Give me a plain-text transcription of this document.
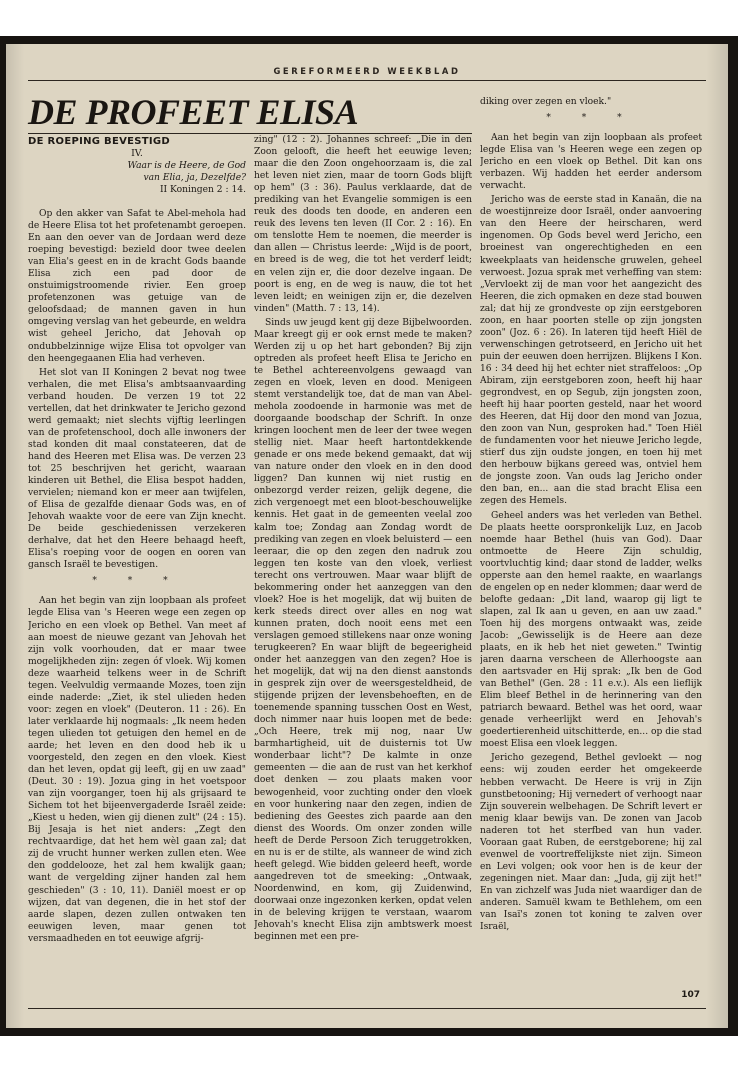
GEREFORMEERD WEEKBLAD
DE PROFEET ELISA
DE ROEPING BEVESTIGD
IV.
Waar is de Heere, de God
van Elia, ja, Dezelfde?
II Koningen 2 : 14.

Op den akker van Safat te Abel-mehola had de Heere Elisa tot het profetenambt geroepen. En aan den oever van de Jordaan werd deze roeping bevestigd: bezield door twee deelen van Elia's geest en in de kracht Gods baande Elisa zich een pad door de onstuimigstroomende rivier. Een groep profetenzonen was getuige van de geloofsdaad; de mannen gaven in hun omgeving verslag van het gebeurde, en weldra wist geheel Jericho, dat Jehovah op ondubbelzinnige wijze Elisa tot opvolger van den heengegaanen Elia had verheven.

Het slot van II Koningen 2 bevat nog twee verhalen, die met Elisa's ambtsaanvaarding verband houden. De verzen 19 tot 22 vertellen, dat het drinkwater te Jericho gezond werd gemaakt; niet slechts vijftig leerlingen van de profetenschool, doch alle inwoners der stad konden dit maal constateeren, dat de hand des Heeren met Elisa was. De verzen 23 tot 25 beschrijven het gericht, waaraan kinderen uit Bethel, die Elisa bespot hadden, vervielen; niemand kon er meer aan twijfelen, of Elisa de gezalfde dienaar Gods was, en of Jehovah waakte voor de eere van Zijn knecht. De beide geschiedenissen verzekeren derhalve, dat het den Heere behaagd heeft, Elisa's roeping voor de oogen en ooren van gansch Israël te bevestigen.

* * *

Aan het begin van zijn loopbaan als profeet legde Elisa van 's Heeren wege een zegen op Jericho en een vloek op Bethel. Van meet af aan moest de nieuwe gezant van Jehovah het zijn volk voorhouden, dat er maar twee mogelijkheden zijn: zegen óf vloek. Wij komen deze waarheid telkens weer in de Schrift tegen. Veelvuldig vermaande Mozes, toen zijn einde naderde: „Ziet, ik stel ulieden heden voor: zegen en vloek" (Deuteron. 11 : 26). En later verklaarde hij nogmaals: „Ik neem heden tegen ulieden tot getuigen den hemel en de aarde; het leven en den dood heb ik u voorgesteld, den zegen en den vloek. Kiest dan het leven, opdat gij leeft, gij en uw zaad" (Deut. 30 : 19). Jozua ging in het voetspoor van zijn voorganger, toen hij als grijsaard te Sichem tot het bijeenvergaderde Israël zeide: „Kiest u heden, wien gij dienen zult" (24 : 15). Bij Jesaja is het niet anders: „Zegt den rechtvaardige, dat het hem wèl gaan zal; dat zij de vrucht hunner werken zullen eten. Wee den goddelooze, het zal hem kwalijk gaan; want de vergelding zijner handen zal hem geschieden" (3 : 10, 11). Daniël moest er op wijzen, dat van degenen, die in het stof der aarde slapen, dezen zullen ontwaken ten eeuwigen leven, maar genen tot versmaadheden en tot eeuwige afgrij-

zing" (12 : 2). Johannes schreef: „Die in den Zoon gelooft, die heeft het eeuwige leven; maar die den Zoon ongehoorzaam is, die zal het leven niet zien, maar de toorn Gods blijft op hem" (3 : 36). Paulus verklaarde, dat de prediking van het Evangelie sommigen is een reuk des doods ten doode, en anderen een reuk des levens ten leven (II Cor. 2 : 16). En om tenslotte Hem te noemen, die meerder is dan allen — Christus leerde: „Wijd is de poort, en breed is de weg, die tot het verderf leidt; en velen zijn er, die door dezelve ingaan. De poort is eng, en de weg is nauw, die tot het leven leidt; en weinigen zijn er, die dezelven vinden" (Matth. 7 : 13, 14).

Sinds uw jeugd kent gij deze Bijbelwoorden. Maar kreegt gij er ook ernst mede te maken? Werden zij u op het hart gebonden? Bij zijn optreden als profeet heeft Elisa te Jericho en te Bethel achtereenvolgens gewaagd van zegen en vloek, leven en dood. Menigeen stemt verstandelijk toe, dat de man van Abel-mehola zoodoende in harmonie was met de doorgaande boodschap der Schrift. In onze kringen loochent men de leer der twee wegen stellig niet. Maar heeft hartontdekkende genade er ons mede bekend gemaakt, dat wij van nature onder den vloek en in den dood liggen? Dan kunnen wij niet rustig en onbezorgd verder reizen, gelijk degene, die zich vergenoegt met een bloot-beschouwelijke kennis. Het gaat in de gemeenten veelal zoo kalm toe; Zondag aan Zondag wordt de prediking van zegen en vloek beluisterd — een leeraar, die op den zegen den nadruk zou leggen ten koste van den vloek, verliest terecht ons vertrouwen. Maar waar blijft de bekommering onder het aanzeggen van den vloek? Hoe is het mogelijk, dat wij buiten de kerk steeds direct over alles en nog wat kunnen praten, doch nooit eens met een verslagen gemoed stillekens naar onze woning terugkeeren? En waar blijft de begeerigheid onder het aanzeggen van den zegen? Hoe is het mogelijk, dat wij na den dienst aanstonds in gesprek zijn over de weersgesteldheid, de stijgende prijzen der levensbehoeften, en de toenemende spanning tusschen Oost en West, doch nimmer naar huis loopen met de bede: „Och Heere, trek mij nog, naar Uw barmhartigheid, uit de duisternis tot Uw wonderbaar licht"? De kalmte in onze gemeenten — die aan de rust van het kerkhof doet denken — zou plaats maken voor bewogenheid, voor zuchting onder den vloek en voor hunkering naar den zegen, indien de bediening des Geestes zich paarde aan den dienst des Woords. Om onzer zonden wille heeft de Derde Persoon Zich teruggetrokken, en nu is er de stilte, als wanneer de wind zich heeft gelegd. Wie bidden geleerd heeft, worde aangedreven tot de smeeking: „Ontwaak, Noordenwind, en kom, gij Zuidenwind, doorwaai onze ingezonken kerken, opdat velen in de beleving krijgen te verstaan, waarom Jehovah's knecht Elisa zijn ambtswerk moest beginnen met een pre-

diking over zegen en vloek."

* * *

Aan het begin van zijn loopbaan als profeet legde Elisa van 's Heeren wege een zegen op Jericho en een vloek op Bethel. Dit kan ons verbazen. Wij hadden het eerder andersom verwacht.

Jericho was de eerste stad in Kanaän, die na de woestijnreize door Israël, onder aanvoering van den Heere der heirscharen, werd ingenomen. Op Gods bevel werd Jericho, een broeinest van ongerechtigheden en een kweekplaats van heidensche gruwelen, geheel verwoest. Jozua sprak met verheffing van stem: „Vervloekt zij de man voor het aangezicht des Heeren, die zich opmaken en deze stad bouwen zal; dat hij ze grondveste op zijn eerstgeboren zoon, en haar poorten stelle op zijn jongsten zoon" (Joz. 6 : 26). In lateren tijd heeft Hiël de verwenschingen getrotseerd, en Jericho uit het puin der eeuwen doen herrijzen. Blijkens I Kon. 16 : 34 deed hij het echter niet straffeloos: „Op Abiram, zijn eerstgeboren zoon, heeft hij haar gegrondvest, en op Segub, zijn jongsten zoon, heeft hij haar poorten gesteld, naar het woord des Heeren, dat Hij door den mond van Jozua, den zoon van Nun, gesproken had." Toen Hiël de fundamenten voor het nieuwe Jericho legde, stierf dus zijn oudste jongen, en toen hij met den herbouw bijkans gereed was, ontviel hem de jongste zoon. Van ouds lag Jericho onder den ban, en... aan die stad bracht Elisa een zegen des Hemels.

Geheel anders was het verleden van Bethel. De plaats heette oorspronkelijk Luz, en Jacob noemde haar Bethel (huis van God). Daar ontmoette de Heere Zijn schuldig, voortvluchtig kind; daar stond de ladder, welks opperste aan den hemel raakte, en waarlangs de engelen op en neder klommen; daar werd de belofte gedaan: „Dit land, waarop gij ligt te slapen, zal Ik aan u geven, en aan uw zaad." Toen hij des morgens ontwaakt was, zeide Jacob: „Gewisselijk is de Heere aan deze plaats, en ik heb het niet geweten." Twintig jaren daarna verscheen de Allerhoogste aan den aartsvader en Hij sprak: „Ik ben de God van Bethel" (Gen. 28 : 11 e.v.). Als een lieflijk Elim bleef Bethel in de herinnering van den patriarch bewaard. Bethel was het oord, waar genade verheerlijkt werd en Jehovah's goedertierenheid uitschitterde, en... op die stad moest Elisa een vloek leggen.

Jericho gezegend, Bethel gevloekt — nog eens: wij zouden eerder het omgekeerde hebben verwacht. De Heere is vrij in Zijn gunstbetooning; Hij vernedert of verhoogt naar Zijn souverein welbehagen. De Schrift levert er menig klaar bewijs van. De zonen van Jacob naderen tot het sterfbed van hun vader. Vooraan gaat Ruben, de eerstgeborene; hij zal evenwel de voortreffelijkste niet zijn. Simeon en Levi volgen; ook voor hen is de keur der zegeningen niet. Maar dan: „Juda, gij zijt het!" En van zichzelf was Juda niet waardiger dan de anderen. Samuël kwam te Bethlehem, om een van Isaï's zonen tot koning te zalven over Israël,

107
